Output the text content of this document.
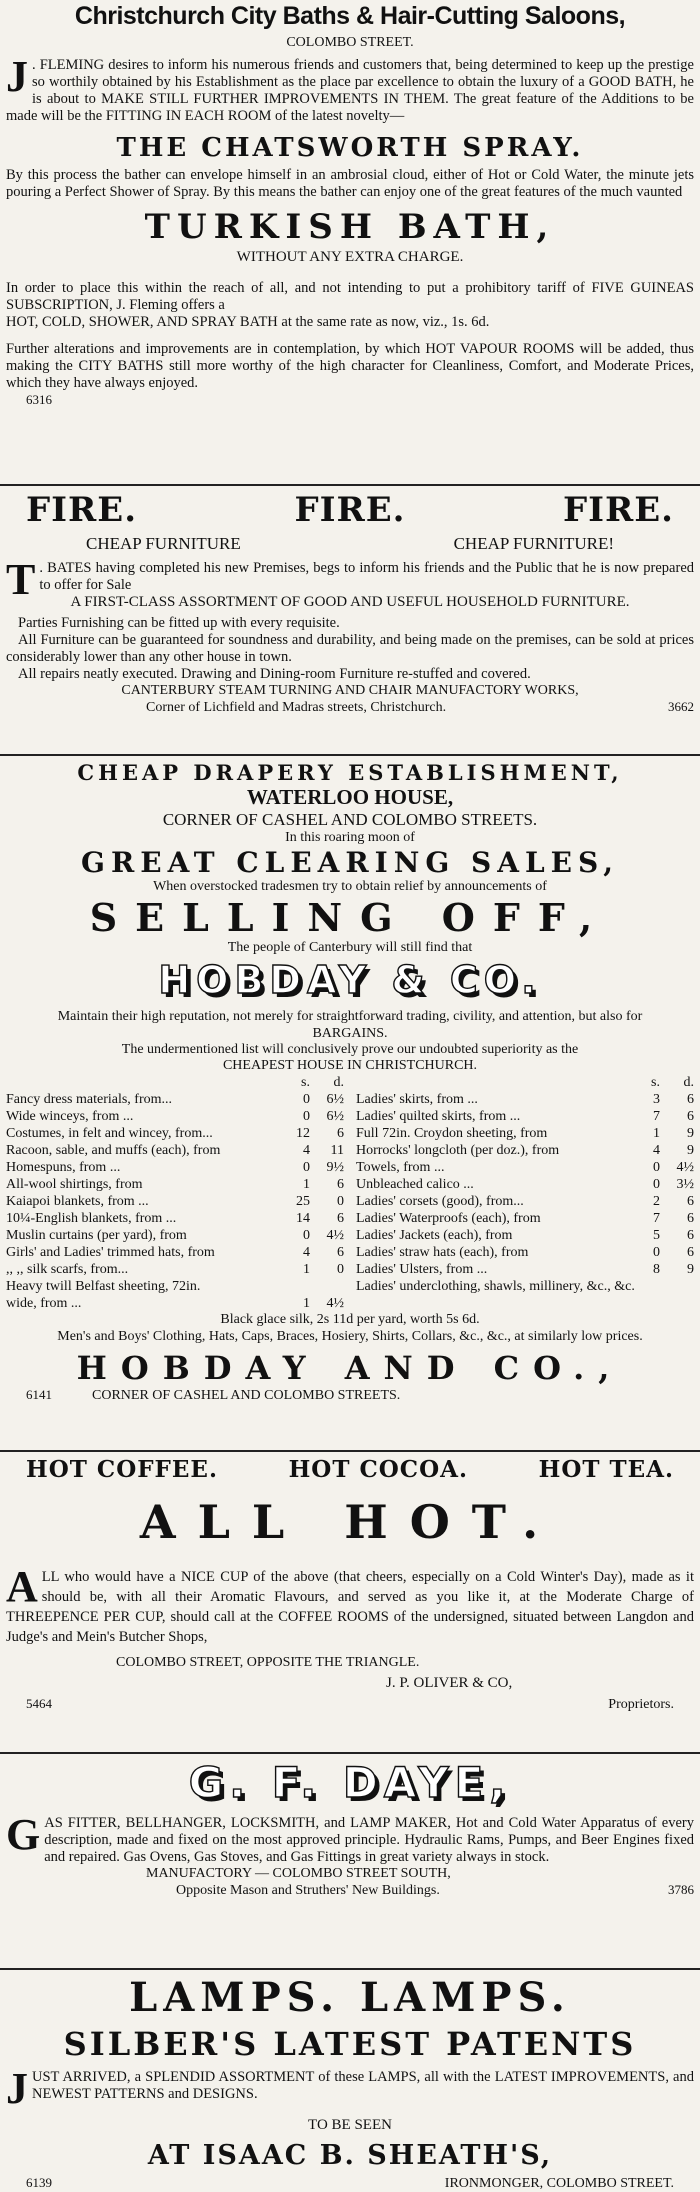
Christchurch City Baths & Hair-Cutting Saloons,
COLOMBO STREET.

J . FLEMING desires to inform his numerous friends and customers that, being determined to keep up the prestige so worthily obtained by his Establishment as the place par excellence to obtain the luxury of a GOOD BATH, he is about to MAKE STILL FURTHER IMPROVEMENTS IN THEM. The great feature of the Additions to be made will be the FITTING IN EACH ROOM of the latest novelty—

THE CHATSWORTH SPRAY.

By this process the bather can envelope himself in an ambrosial cloud, either of Hot or Cold Water, the minute jets pouring a Perfect Shower of Spray. By this means the bather can enjoy one of the great features of the much vaunted

TURKISH BATH,
WITHOUT ANY EXTRA CHARGE.

In order to place this within the reach of all, and not intending to put a prohibitory tariff of FIVE GUINEAS SUBSCRIPTION, J. Fleming offers a

HOT, COLD, SHOWER, AND SPRAY BATH at the same rate as now, viz., 1s. 6d.

Further alterations and improvements are in contemplation, by which HOT VAPOUR ROOMS will be added, thus making the CITY BATHS still more worthy of the high character for Cleanliness, Comfort, and Moderate Prices, which they have always enjoyed.

6316
FIRE.	FIRE.	FIRE.
CHEAP FURNITURE	CHEAP FURNITURE!

T . BATES having completed his new Premises, begs to inform his friends and the Public that he is now prepared to offer for Sale

A FIRST-CLASS ASSORTMENT OF GOOD AND USEFUL HOUSEHOLD FURNITURE.

Parties Furnishing can be fitted up with every requisite.

All Furniture can be guaranteed for soundness and durability, and being made on the premises, can be sold at prices considerably lower than any other house in town.

All repairs neatly executed. Drawing and Dining-room Furniture re-stuffed and covered.

CANTERBURY STEAM TURNING AND CHAIR MANUFACTORY WORKS,
Corner of Lichfield and Madras streets, Christchurch.	3662
CHEAP DRAPERY ESTABLISHMENT,
WATERLOO HOUSE,
CORNER OF CASHEL AND COLOMBO STREETS.
In this roaring moon of
GREAT CLEARING SALES,
When overstocked tradesmen try to obtain relief by announcements of
SELLING OFF,
The people of Canterbury will still find that
HOBDAY & CO.
Maintain their high reputation, not merely for straightforward trading, civility, and attention, but also for BARGAINS.
The undermentioned list will conclusively prove our undoubted superiority as the
CHEAPEST HOUSE IN CHRISTCHURCH.
s.	d.
Fancy dress materials, from...	0	6½
Wide winceys, from ...	0	6½
Costumes, in felt and wincey, from...	12	6
Racoon, sable, and muffs (each), from	4	11
Homespuns, from ...	0	9½
All-wool shirtings, from	1	6
Kaiapoi blankets, from ...	25	0
10¼-English blankets, from ...	14	6
Muslin curtains (per yard), from	0	4½
Girls' and Ladies' trimmed hats, from	4	6
,, ,, silk scarfs, from...	1	0
Heavy twill Belfast sheeting, 72in.
wide, from ...	1	4½
s.	d.
Ladies' skirts, from ...	3	6
Ladies' quilted skirts, from ...	7	6
Full 72in. Croydon sheeting, from	1	9
Horrocks' longcloth (per doz.), from	4	9
Towels, from ...	0	4½
Unbleached calico ...	0	3½
Ladies' corsets (good), from...	2	6
Ladies' Waterproofs (each), from	7	6
Ladies' Jackets (each), from	5	6
Ladies' straw hats (each), from	0	6
Ladies' Ulsters, from ...	8	9
Ladies' underclothing, shawls, millinery, &c., &c.
Black glace silk, 2s 11d per yard, worth 5s 6d.
Men's and Boys' Clothing, Hats, Caps, Braces, Hosiery, Shirts, Collars, &c., &c., at similarly low prices.
HOBDAY AND CO.,
6141	CORNER OF CASHEL AND COLOMBO STREETS.
HOT COFFEE.	HOT COCOA.	HOT TEA.
ALL HOT.

ALL who would have a NICE CUP of the above (that cheers, especially on a Cold Winter's Day), made as it should be, with all their Aromatic Flavours, and served as you like it, at the Moderate Charge of THREEPENCE PER CUP, should call at the COFFEE ROOMS of the undersigned, situated between Langdon and Judge's and Mein's Butcher Shops,

COLOMBO STREET, OPPOSITE THE TRIANGLE.
J. P. OLIVER & CO,
5464	Proprietors.
G. F. DAYE,

GAS FITTER, BELLHANGER, LOCKSMITH, and LAMP MAKER, Hot and Cold Water Apparatus of every description, made and fixed on the most approved principle. Hydraulic Rams, Pumps, and Beer Engines fixed and repaired. Gas Ovens, Gas Stoves, and Gas Fittings in great variety always in stock.

MANUFACTORY — COLOMBO STREET SOUTH,
Opposite Mason and Struthers' New Buildings.	3786
LAMPS. LAMPS.
SILBER'S LATEST PATENTS

JUST ARRIVED, a SPLENDID ASSORTMENT of these LAMPS, all with the LATEST IMPROVEMENTS, and NEWEST PATTERNS and DESIGNS.

TO BE SEEN
AT ISAAC B. SHEATH'S,
6139	IRONMONGER, COLOMBO STREET.
